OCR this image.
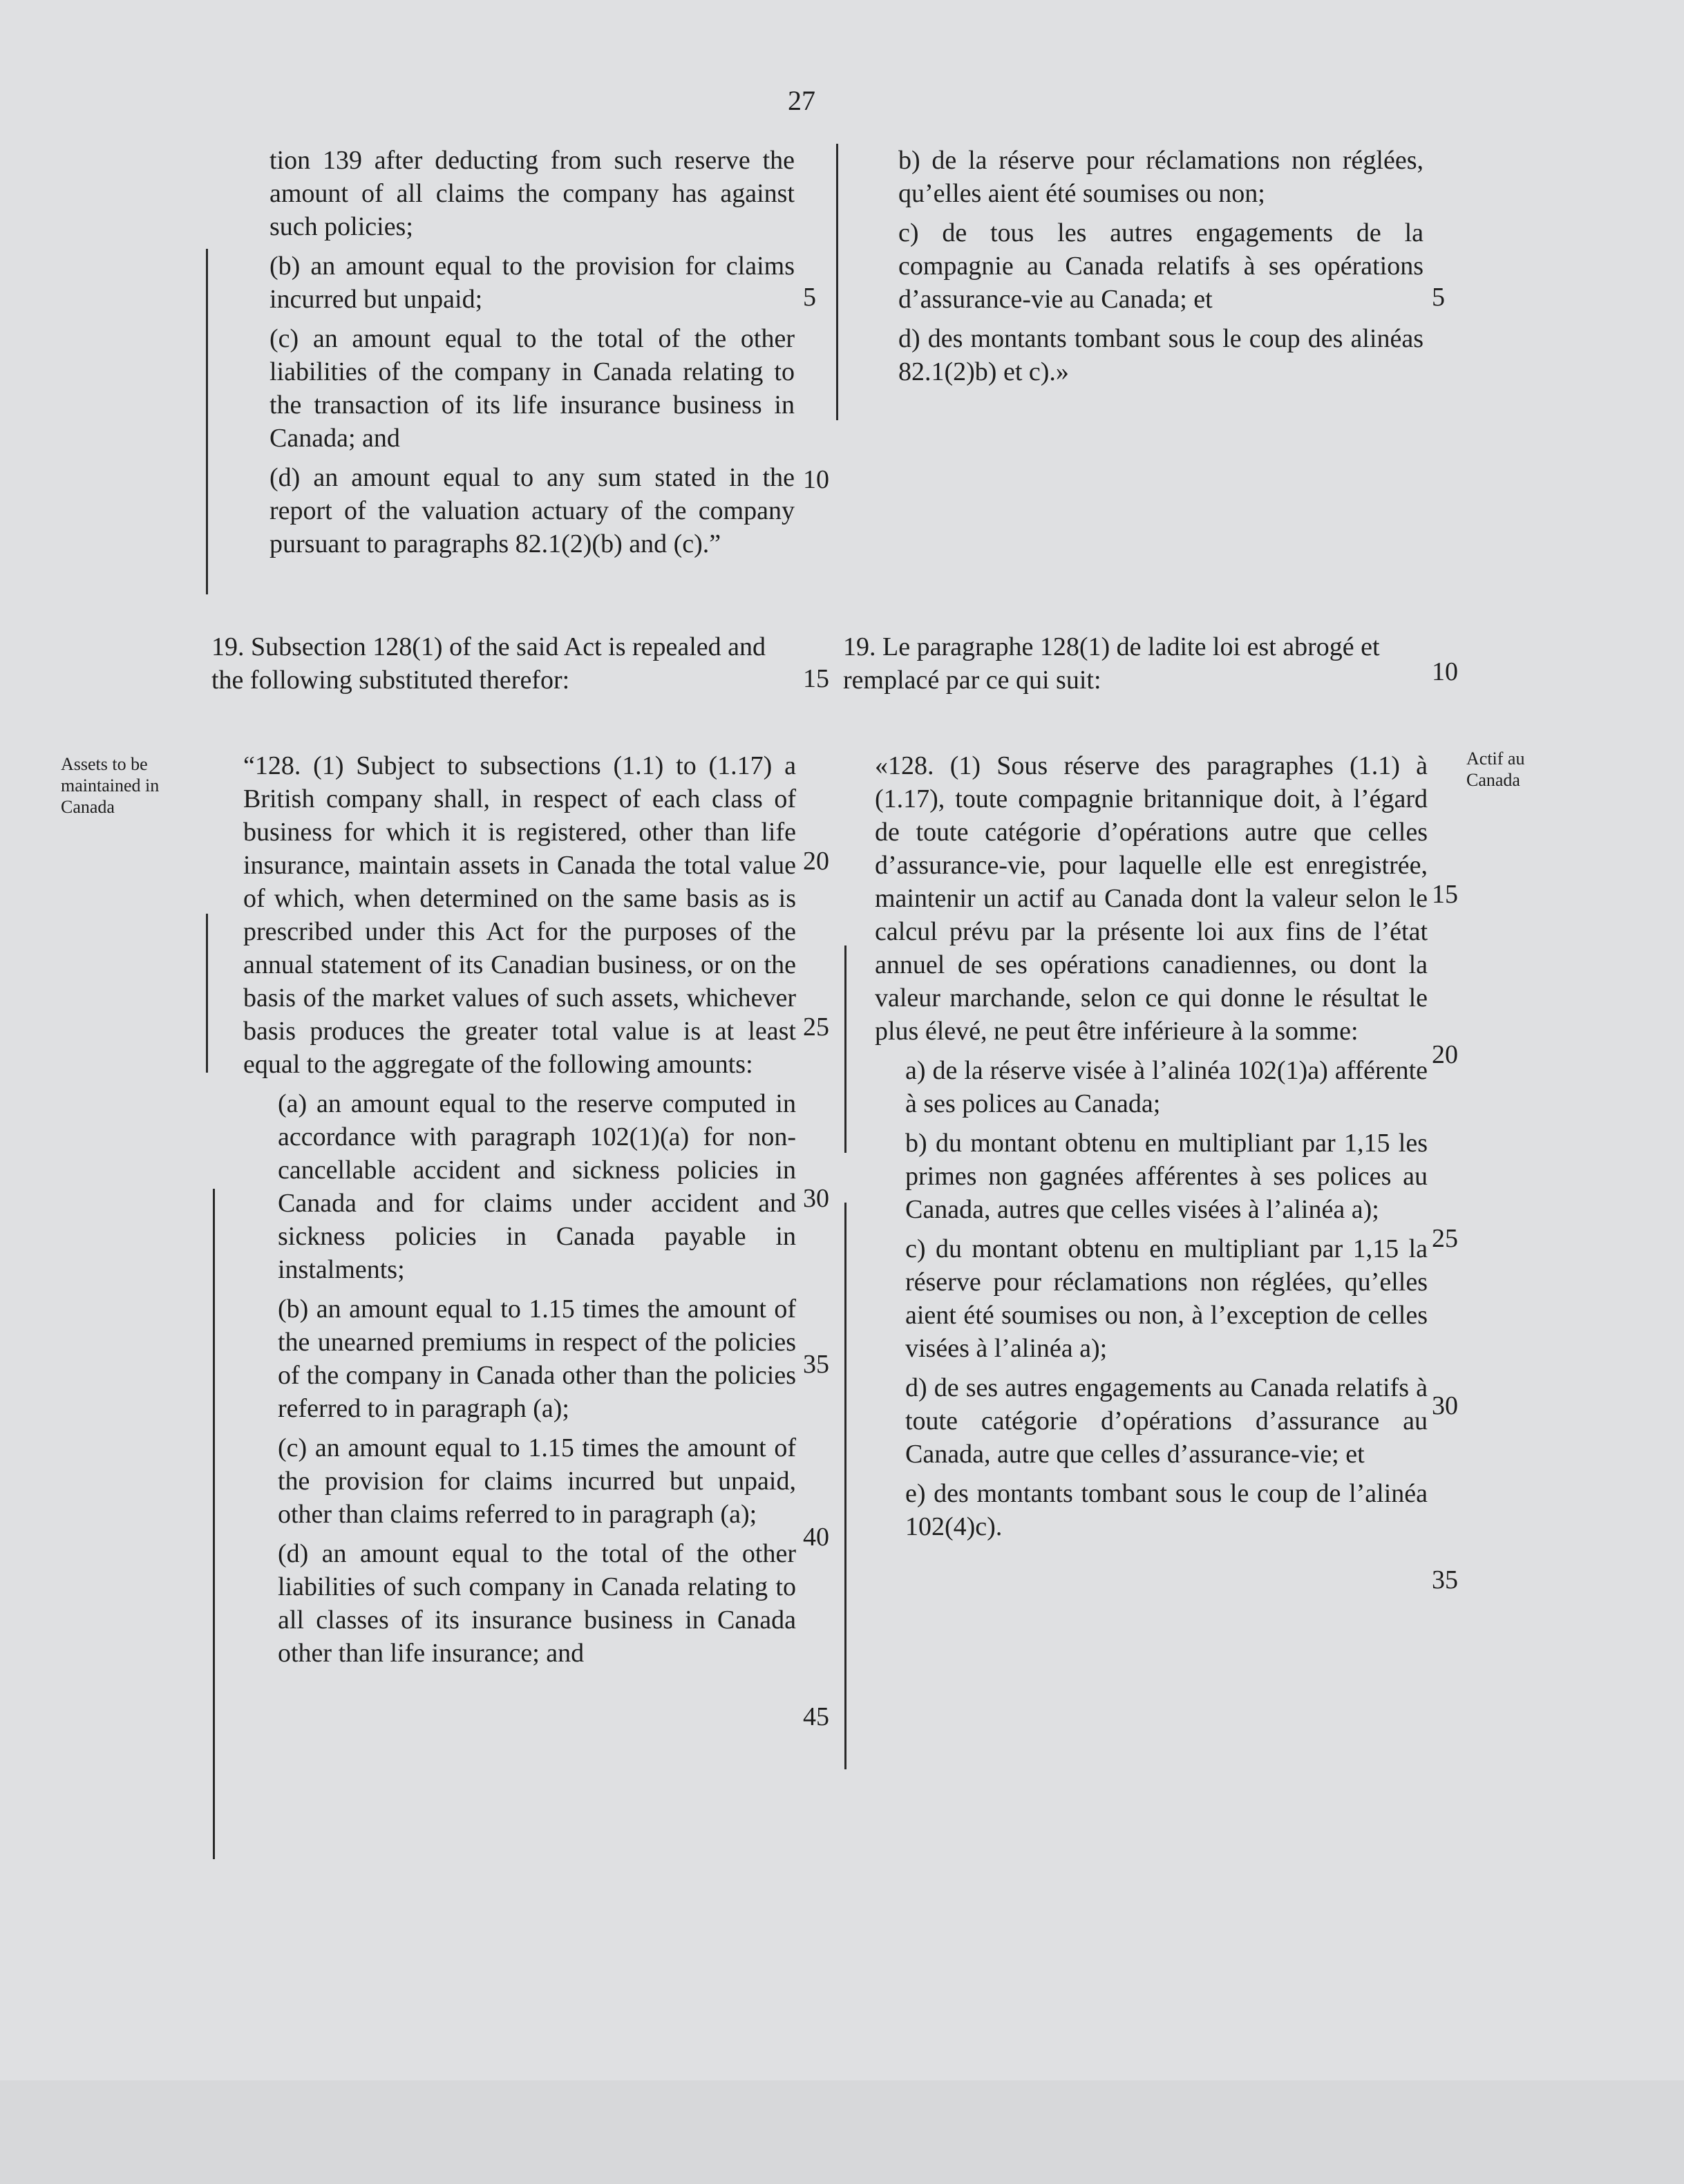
27

tion 139 after deducting from such reserve the amount of all claims the company has against such policies;

(b) an amount equal to the provision for claims incurred but unpaid;

(c) an amount equal to the total of the other liabilities of the company in Canada relating to the transaction of its life insurance business in Canada; and

(d) an amount equal to any sum stated in the report of the valuation actuary of the company pursuant to paragraphs 82.1(2)(b) and (c).”

b) de la réserve pour réclamations non réglées, qu’elles aient été soumises ou non;

c) de tous les autres engagements de la compagnie au Canada relatifs à ses opérations d’assurance-vie au Canada; et

d) des montants tombant sous le coup des alinéas 82.1(2)b) et c).»

19. Subsection 128(1) of the said Act is repealed and the following substituted therefor:
19. Le paragraphe 128(1) de ladite loi est abrogé et remplacé par ce qui suit:
Assets to be maintained in Canada
Actif au Canada

“128. (1) Subject to subsections (1.1) to (1.17) a British company shall, in respect of each class of business for which it is registered, other than life insurance, maintain assets in Canada the total value of which, when determined on the same basis as is prescribed under this Act for the purposes of the annual statement of its Canadian business, or on the basis of the market values of such assets, whichever basis produces the greater total value is at least equal to the aggregate of the following amounts:

(a) an amount equal to the reserve computed in accordance with paragraph 102(1)(a) for non-cancellable accident and sickness policies in Canada and for claims under accident and sickness policies in Canada payable in instalments;

(b) an amount equal to 1.15 times the amount of the unearned premiums in respect of the policies of the company in Canada other than the policies referred to in paragraph (a);

(c) an amount equal to 1.15 times the amount of the provision for claims incurred but unpaid, other than claims referred to in paragraph (a);

(d) an amount equal to the total of the other liabilities of such company in Canada relating to all classes of its insurance business in Canada other than life insurance; and

«128. (1) Sous réserve des paragraphes (1.1) à (1.17), toute compagnie britannique doit, à l’égard de toute catégorie d’opérations autre que celles d’assurance-vie, pour laquelle elle est enregistrée, maintenir un actif au Canada dont la valeur selon le calcul prévu par la présente loi aux fins de l’état annuel de ses opérations canadiennes, ou dont la valeur marchande, selon ce qui donne le résultat le plus élevé, ne peut être inférieure à la somme:

a) de la réserve visée à l’alinéa 102(1)a) afférente à ses polices au Canada;

b) du montant obtenu en multipliant par 1,15 les primes non gagnées afférentes à ses polices au Canada, autres que celles visées à l’alinéa a);

c) du montant obtenu en multipliant par 1,15 la réserve pour réclamations non réglées, qu’elles aient été soumises ou non, à l’exception de celles visées à l’alinéa a);

d) de ses autres engagements au Canada relatifs à toute catégorie d’opérations d’assurance au Canada, autre que celles d’assurance-vie; et

e) des montants tombant sous le coup de l’alinéa 102(4)c).

5
10
15
20
25
30
35
40
45
5
10
15
20
25
30
35
